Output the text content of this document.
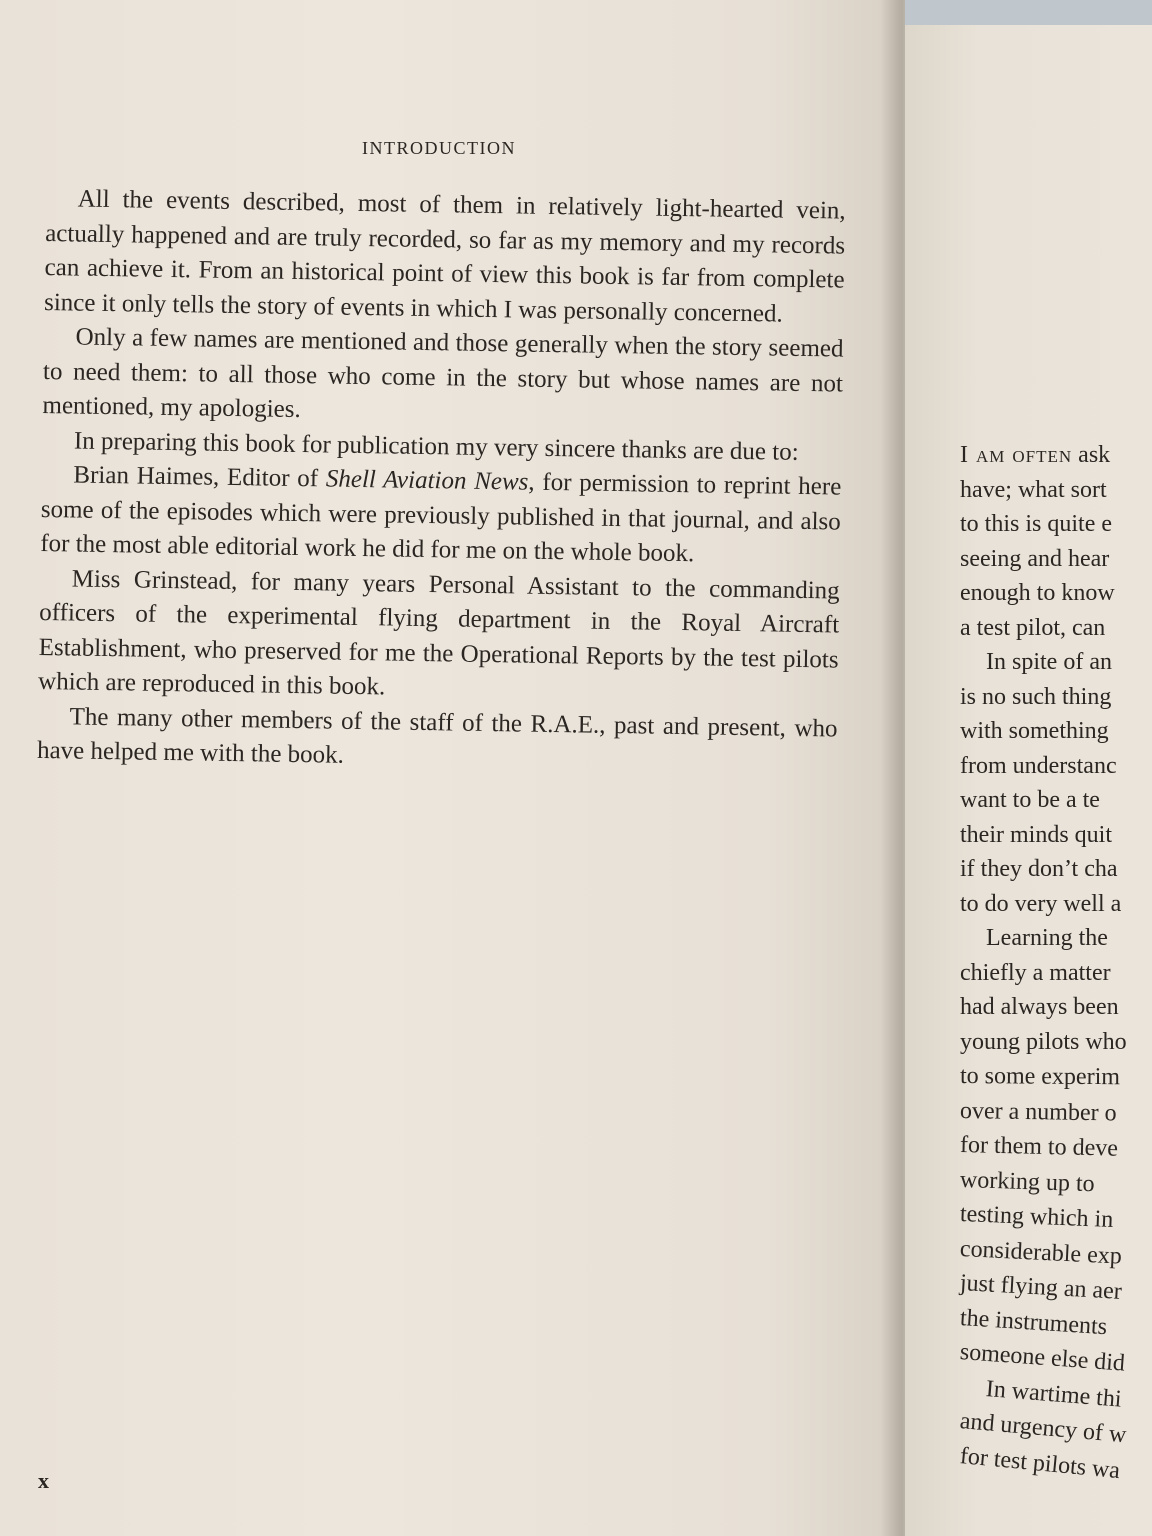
INTRODUCTION

All the events described, most of them in relatively light-hearted vein, actually happened and are truly recorded, so far as my memory and my records can achieve it. From an historical point of view this book is far from complete since it only tells the story of events in which I was personally concerned.

Only a few names are mentioned and those generally when the story seemed to need them: to all those who come in the story but whose names are not mentioned, my apologies.

In preparing this book for publication my very sincere thanks are due to:

Brian Haimes, Editor of Shell Aviation News, for permission to reprint here some of the episodes which were previously published in that journal, and also for the most able editorial work he did for me on the whole book.

Miss Grinstead, for many years Personal Assistant to the commanding officers of the experimental flying department in the Royal Aircraft Establishment, who preserved for me the Operational Reports by the test pilots which are reproduced in this book.

The many other members of the staff of the R.A.E., past and present, who have helped me with the book.

x
I am often ask
have; what sort
to this is quite e
seeing and hear
enough to know
a test pilot, can
In spite of an
is no such thing
with something
from understanc
want to be a te
their minds quit
if they don’t cha
to do very well a
Learning the
chiefly a matter
had always been
young pilots who
to some experim
over a number o
for them to deve
working up to
testing which in
considerable exp
just flying an aer
the instruments
someone else did
In wartime thi
and urgency of w
for test pilots wa
